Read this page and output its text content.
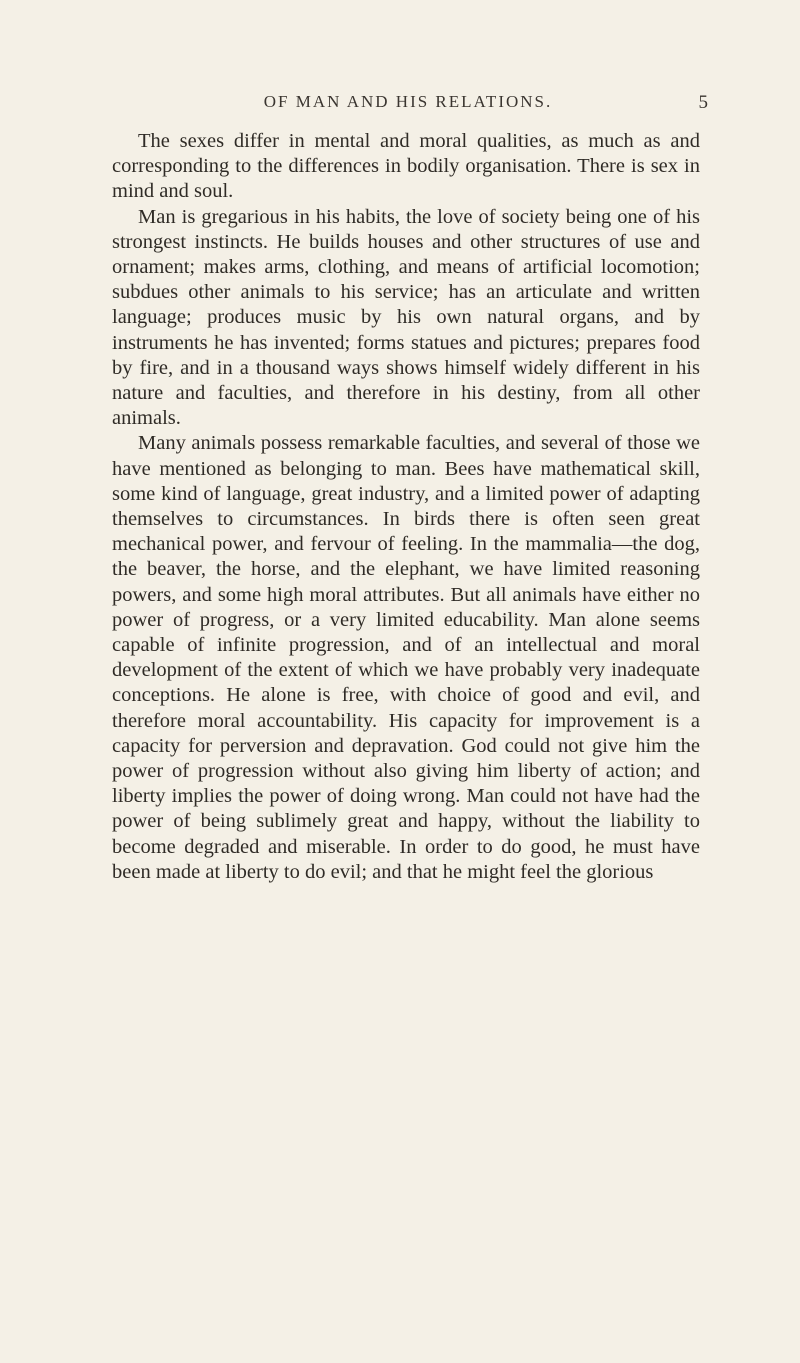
OF MAN AND HIS RELATIONS.	5

The sexes differ in mental and moral qualities, as much as and corresponding to the differences in bodily organisation. There is sex in mind and soul.

Man is gregarious in his habits, the love of society being one of his strongest instincts. He builds houses and other structures of use and ornament; makes arms, clothing, and means of artificial locomotion; subdues other animals to his service; has an articulate and written language; produces music by his own natural organs, and by instruments he has invented; forms statues and pictures; prepares food by fire, and in a thousand ways shows himself widely different in his nature and faculties, and therefore in his destiny, from all other animals.

Many animals possess remarkable faculties, and several of those we have mentioned as belonging to man. Bees have mathematical skill, some kind of language, great industry, and a limited power of adapting themselves to circumstances. In birds there is often seen great mechanical power, and fervour of feeling. In the mammalia—the dog, the beaver, the horse, and the elephant, we have limited reasoning powers, and some high moral attributes. But all animals have either no power of progress, or a very limited educability. Man alone seems capable of infinite progression, and of an intellectual and moral development of the extent of which we have probably very inadequate conceptions. He alone is free, with choice of good and evil, and therefore moral accountability. His capacity for improvement is a capacity for perversion and depravation. God could not give him the power of progression without also giving him liberty of action; and liberty implies the power of doing wrong. Man could not have had the power of being sublimely great and happy, without the liability to become degraded and miserable. In order to do good, he must have been made at liberty to do evil; and that he might feel the glorious
